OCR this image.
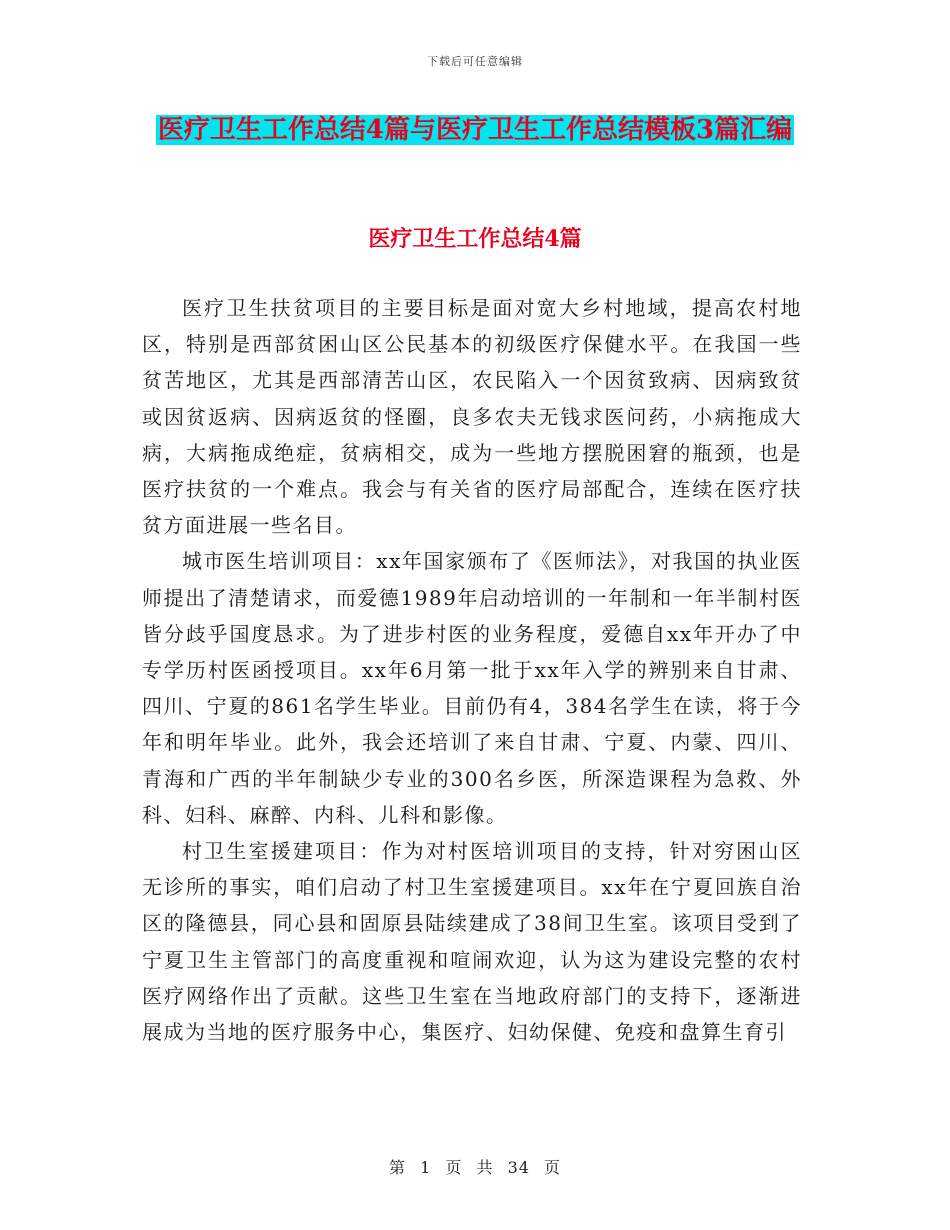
下载后可任意编辑
医疗卫生工作总结4篇与医疗卫生工作总结模板3篇汇编
医疗卫生工作总结4篇

医疗卫生扶贫项目的主要目标是面对宽大乡村地域，提高农村地区，特别是西部贫困山区公民基本的初级医疗保健水平。在我国一些贫苦地区，尤其是西部清苦山区，农民陷入一个因贫致病、因病致贫或因贫返病、因病返贫的怪圈，良多农夫无钱求医问药，小病拖成大病，大病拖成绝症，贫病相交，成为一些地方摆脱困窘的瓶颈，也是医疗扶贫的一个难点。我会与有关省的医疗局部配合，连续在医疗扶贫方面进展一些名目。

城市医生培训项目：xx年国家颁布了《医师法》，对我国的执业医师提出了清楚请求，而爱德1989年启动培训的一年制和一年半制村医皆分歧乎国度恳求。为了进步村医的业务程度，爱德自xx年开办了中专学历村医函授项目。xx年6月第一批于xx年入学的辨别来自甘肃、四川、宁夏的861名学生毕业。目前仍有4，384名学生在读，将于今年和明年毕业。此外，我会还培训了来自甘肃、宁夏、内蒙、四川、青海和广西的半年制缺少专业的300名乡医，所深造课程为急救、外科、妇科、麻醉、内科、儿科和影像。

村卫生室援建项目：作为对村医培训项目的支持，针对穷困山区无诊所的事实，咱们启动了村卫生室援建项目。xx年在宁夏回族自治区的隆德县，同心县和固原县陆续建成了38间卫生室。该项目受到了宁夏卫生主管部门的高度重视和喧闹欢迎，认为这为建设完整的农村医疗网络作出了贡献。这些卫生室在当地政府部门的支持下，逐渐进展成为当地的医疗服务中心，集医疗、妇幼保健、免疫和盘算生育引

第 1 页 共 34 页
